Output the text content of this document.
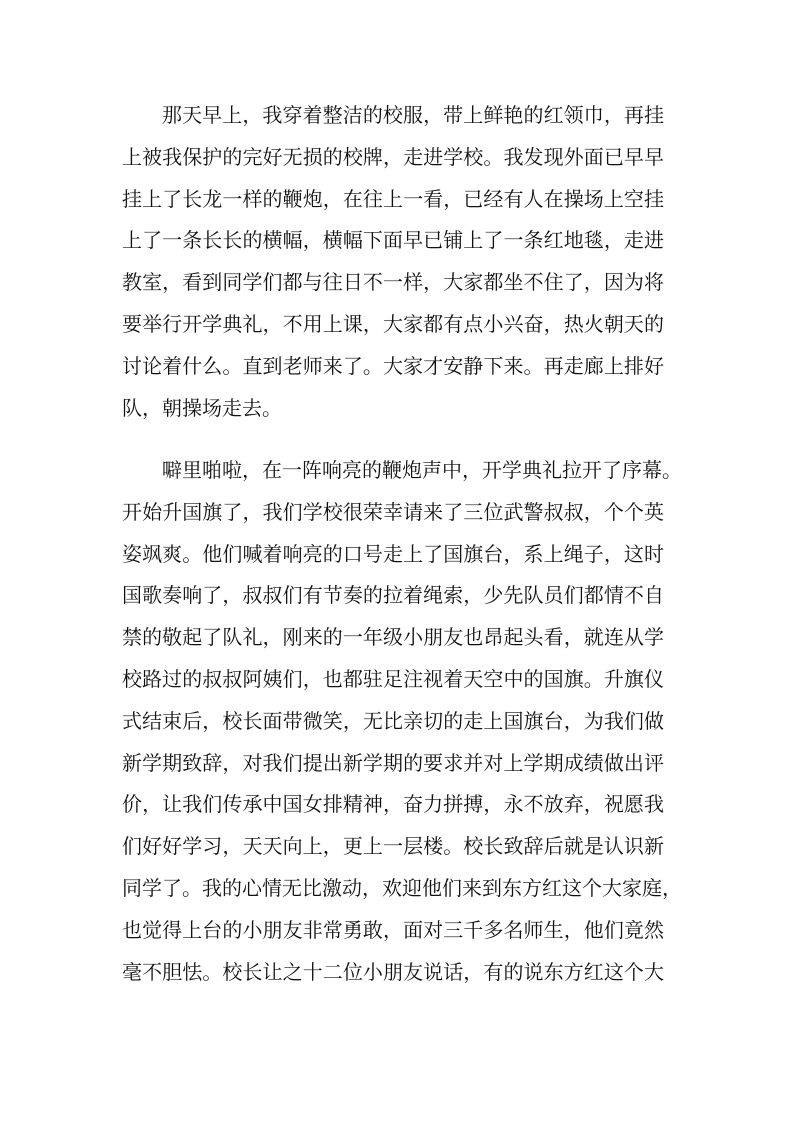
那天早上，我穿着整洁的校服，带上鲜艳的红领巾，再挂
上被我保护的完好无损的校牌，走进学校。我发现外面已早早
挂上了长龙一样的鞭炮，在往上一看，已经有人在操场上空挂
上了一条长长的横幅，横幅下面早已铺上了一条红地毯，走进
教室，看到同学们都与往日不一样，大家都坐不住了，因为将
要举行开学典礼，不用上课，大家都有点小兴奋，热火朝天的
讨论着什么。直到老师来了。大家才安静下来。再走廊上排好
队，朝操场走去。
噼里啪啦，在一阵响亮的鞭炮声中，开学典礼拉开了序幕。
开始升国旗了，我们学校很荣幸请来了三位武警叔叔，个个英
姿飒爽。他们喊着响亮的口号走上了国旗台，系上绳子，这时
国歌奏响了，叔叔们有节奏的拉着绳索，少先队员们都情不自
禁的敬起了队礼，刚来的一年级小朋友也昂起头看，就连从学
校路过的叔叔阿姨们，也都驻足注视着天空中的国旗。升旗仪
式结束后，校长面带微笑，无比亲切的走上国旗台，为我们做
新学期致辞，对我们提出新学期的要求并对上学期成绩做出评
价，让我们传承中国女排精神，奋力拼搏，永不放弃，祝愿我
们好好学习，天天向上，更上一层楼。校长致辞后就是认识新
同学了。我的心情无比激动，欢迎他们来到东方红这个大家庭，
也觉得上台的小朋友非常勇敢，面对三千多名师生，他们竟然
毫不胆怯。校长让之十二位小朋友说话，有的说东方红这个大
